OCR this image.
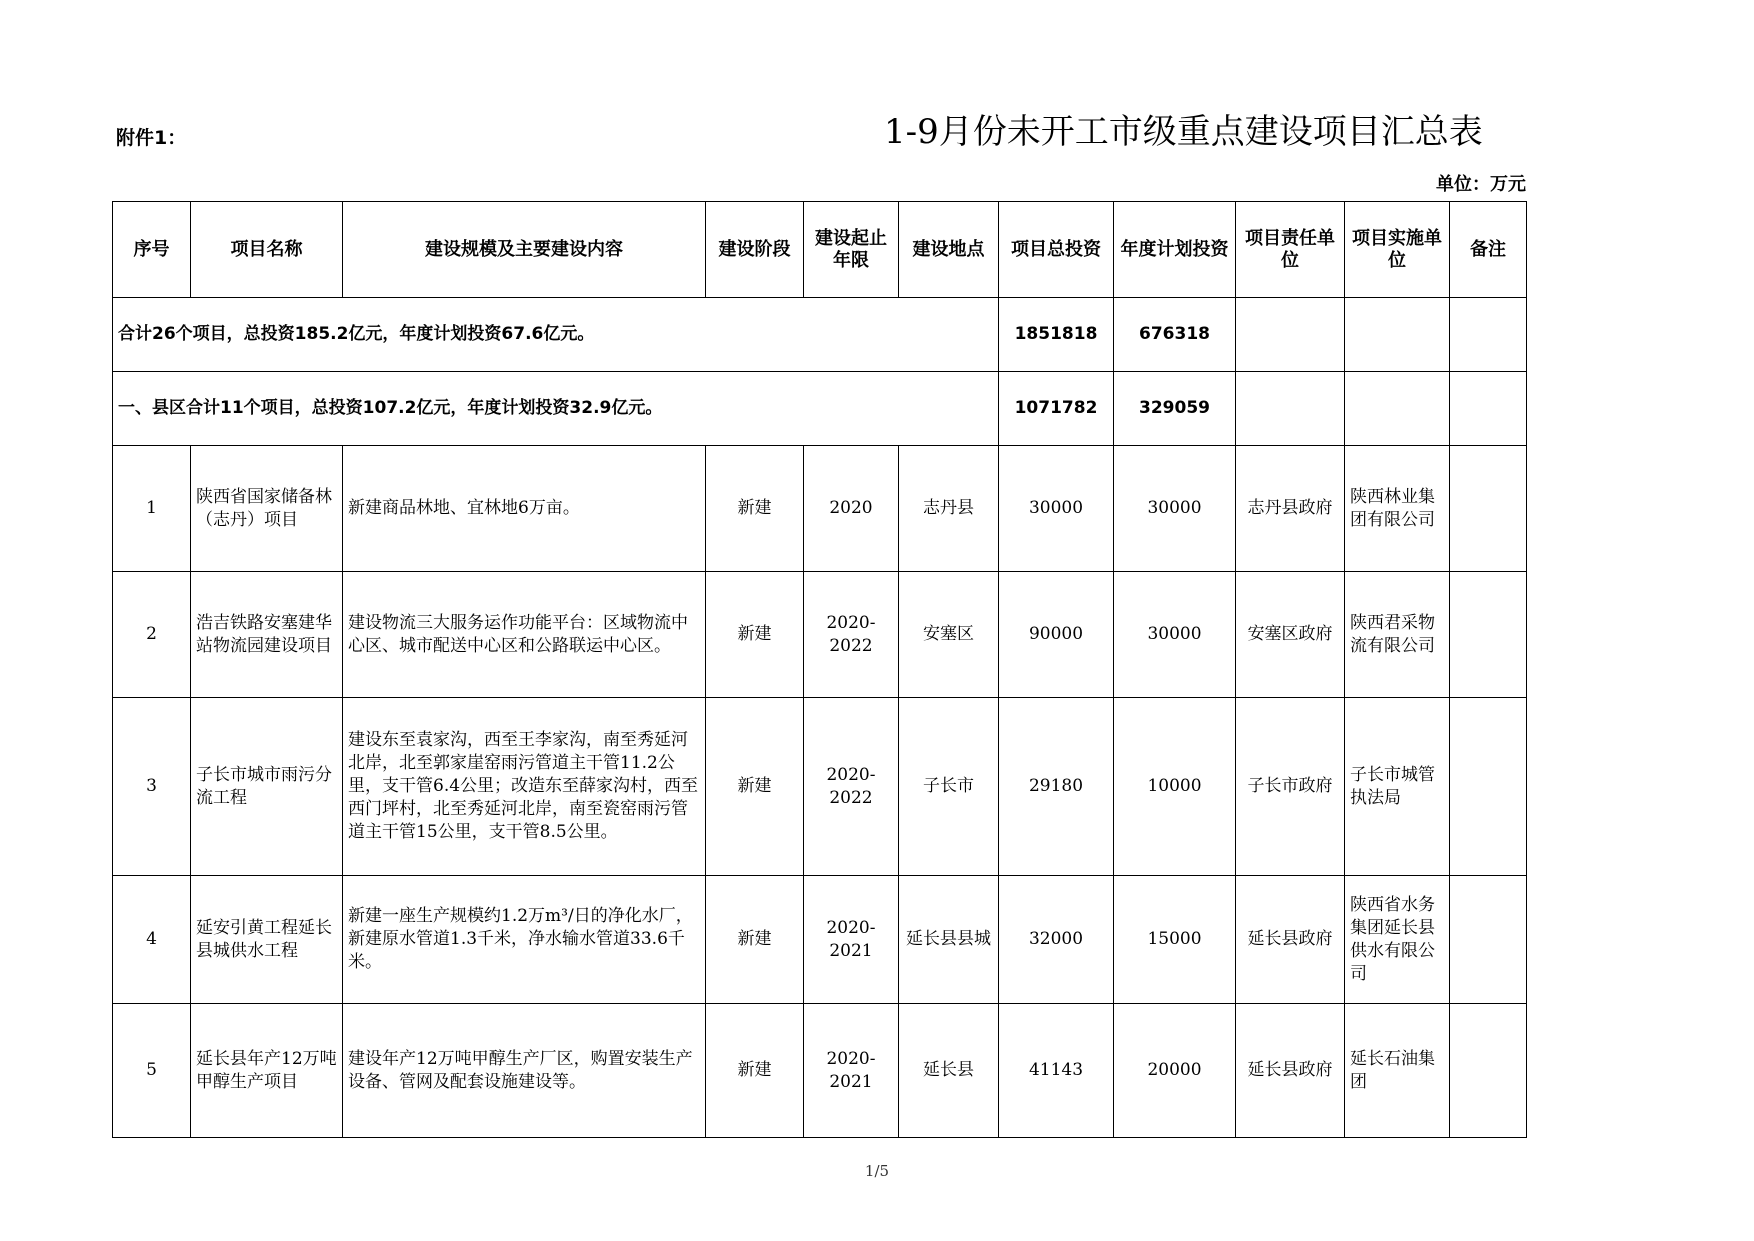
附件1：	1-9月份未开工市级重点建设项目汇总表
单位：万元
序号	项目名称	建设规模及主要建设内容	建设阶段	建设起止年限	建设地点	项目总投资	年度计划投资	项目责任单位	项目实施单位	备注
合计26个项目，总投资185.2亿元，年度计划投资67.6亿元。						1851818	676318			
一、县区合计11个项目，总投资107.2亿元，年度计划投资32.9亿元。						1071782	329059			
1	陕西省国家储备林（志丹）项目	新建商品林地、宜林地6万亩。	新建	2020	志丹县	30000	30000	志丹县政府	陕西林业集团有限公司	
2	浩吉铁路安塞建华站物流园建设项目	建设物流三大服务运作功能平台：区域物流中心区、城市配送中心区和公路联运中心区。	新建	2020-2022	安塞区	90000	30000	安塞区政府	陕西君采物流有限公司	
3	子长市城市雨污分流工程	建设东至袁家沟，西至王李家沟，南至秀延河北岸，北至郭家崖窑雨污管道主干管11.2公里，支干管6.4公里；改造东至薛家沟村，西至西门坪村，北至秀延河北岸，南至瓷窑雨污管道主干管15公里，支干管8.5公里。	新建	2020-2022	子长市	29180	10000	子长市政府	子长市城管执法局	
4	延安引黄工程延长县城供水工程	新建一座生产规模约1.2万m³/日的净化水厂，新建原水管道1.3千米，净水输水管道33.6千米。	新建	2020-2021	延长县县城	32000	15000	延长县政府	陕西省水务集团延长县供水有限公司	
5	延长县年产12万吨甲醇生产项目	建设年产12万吨甲醇生产厂区，购置安装生产设备、管网及配套设施建设等。	新建	2020-2021	延长县	41143	20000	延长县政府	延长石油集团	
1/5
